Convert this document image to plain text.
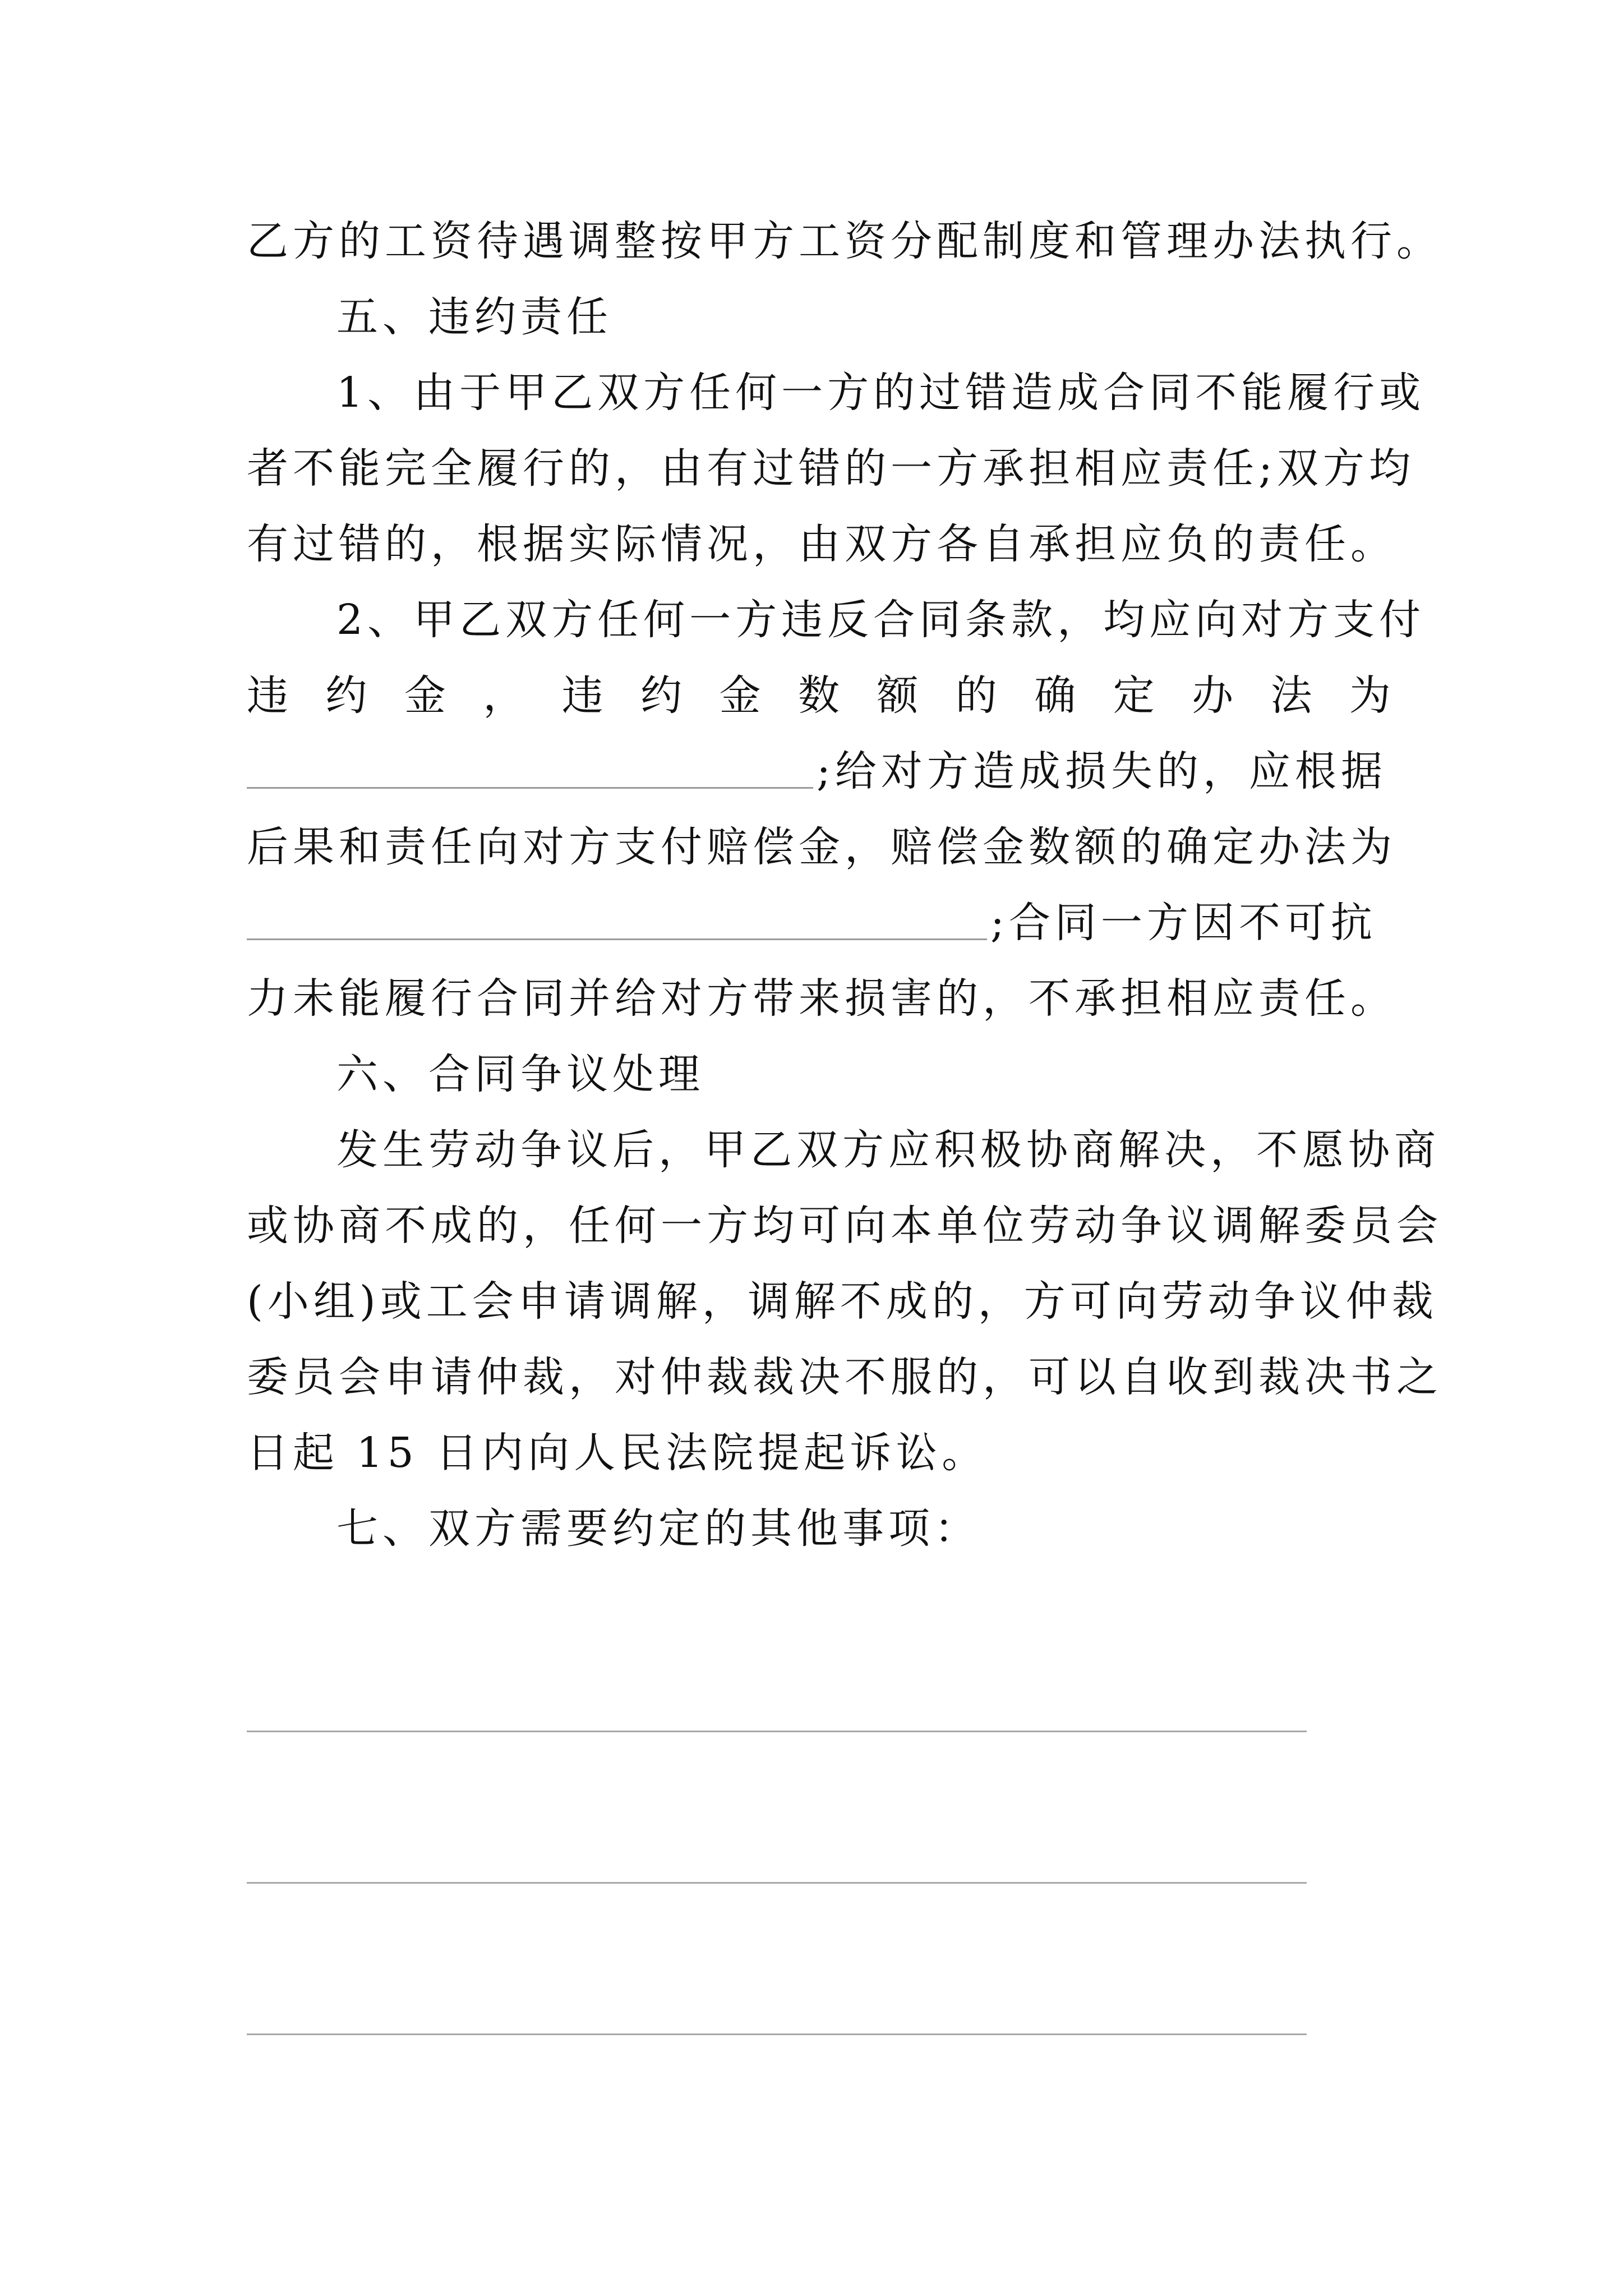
乙方的工资待遇调整按甲方工资分配制度和管理办法执行。
五、违约责任
1、由于甲乙双方任何一方的过错造成合同不能履行或
者不能完全履行的，由有过错的一方承担相应责任;双方均
有过错的，根据实际情况，由双方各自承担应负的责任。
2、甲乙双方任何一方违反合同条款，均应向对方支付
违 约 金 ， 违 约 金 数 额 的 确 定 办 法 为
;给对方造成损失的，应根据
后果和责任向对方支付赔偿金，赔偿金数额的确定办法为
;合同一方因不可抗
力未能履行合同并给对方带来损害的，不承担相应责任。
六、合同争议处理
发生劳动争议后，甲乙双方应积极协商解决，不愿协商
或协商不成的，任何一方均可向本单位劳动争议调解委员会
(小组)或工会申请调解，调解不成的，方可向劳动争议仲裁
委员会申请仲裁，对仲裁裁决不服的，可以自收到裁决书之
日起 15 日内向人民法院提起诉讼。
七、双方需要约定的其他事项：
